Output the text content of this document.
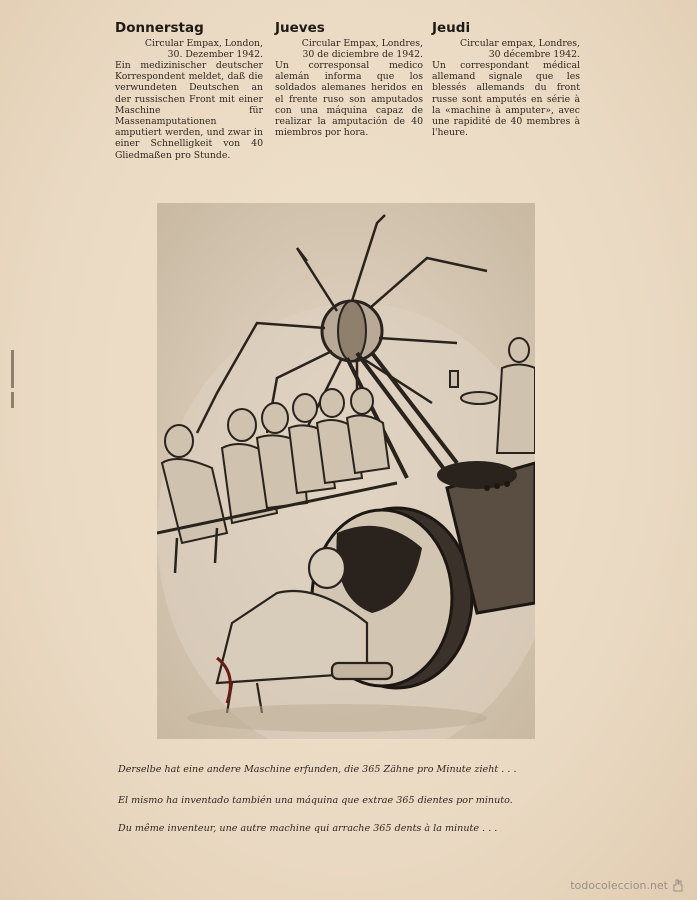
Donnerstag

Circular Empax, London,

30. Dezember 1942.

Ein medizinischer deutscher Korrespondent meldet, daß die verwundeten Deutschen an der russischen Front mit einer Maschine für Massenamputationen amputiert werden, und zwar in einer Schnelligkeit von 40 Gliedmaßen pro Stunde.

Jueves

Circular Empax, Londres,

30 de diciembre de 1942.

Un corresponsal medico alemán informa que los soldados alemanes heridos en el frente ruso son amputados con una máquina capaz de realizar la amputación de 40 miembros por hora.

Jeudi

Circular empax, Londres,

30 décembre 1942.

Un correspondant médical allemand signale que les blessés allemands du front russe sont amputés en série à la «machine à amputer», avec une rapidité de 40 membres à l'heure.

Derselbe hat eine andere Maschine erfunden, die 365 Zähne pro Minute zieht . . .

El mismo ha inventado también una máquina que extrae 365 dientes por minuto.

Du même inventeur, une autre machine qui arrache 365 dents à la minute . . .

todocoleccion.net
